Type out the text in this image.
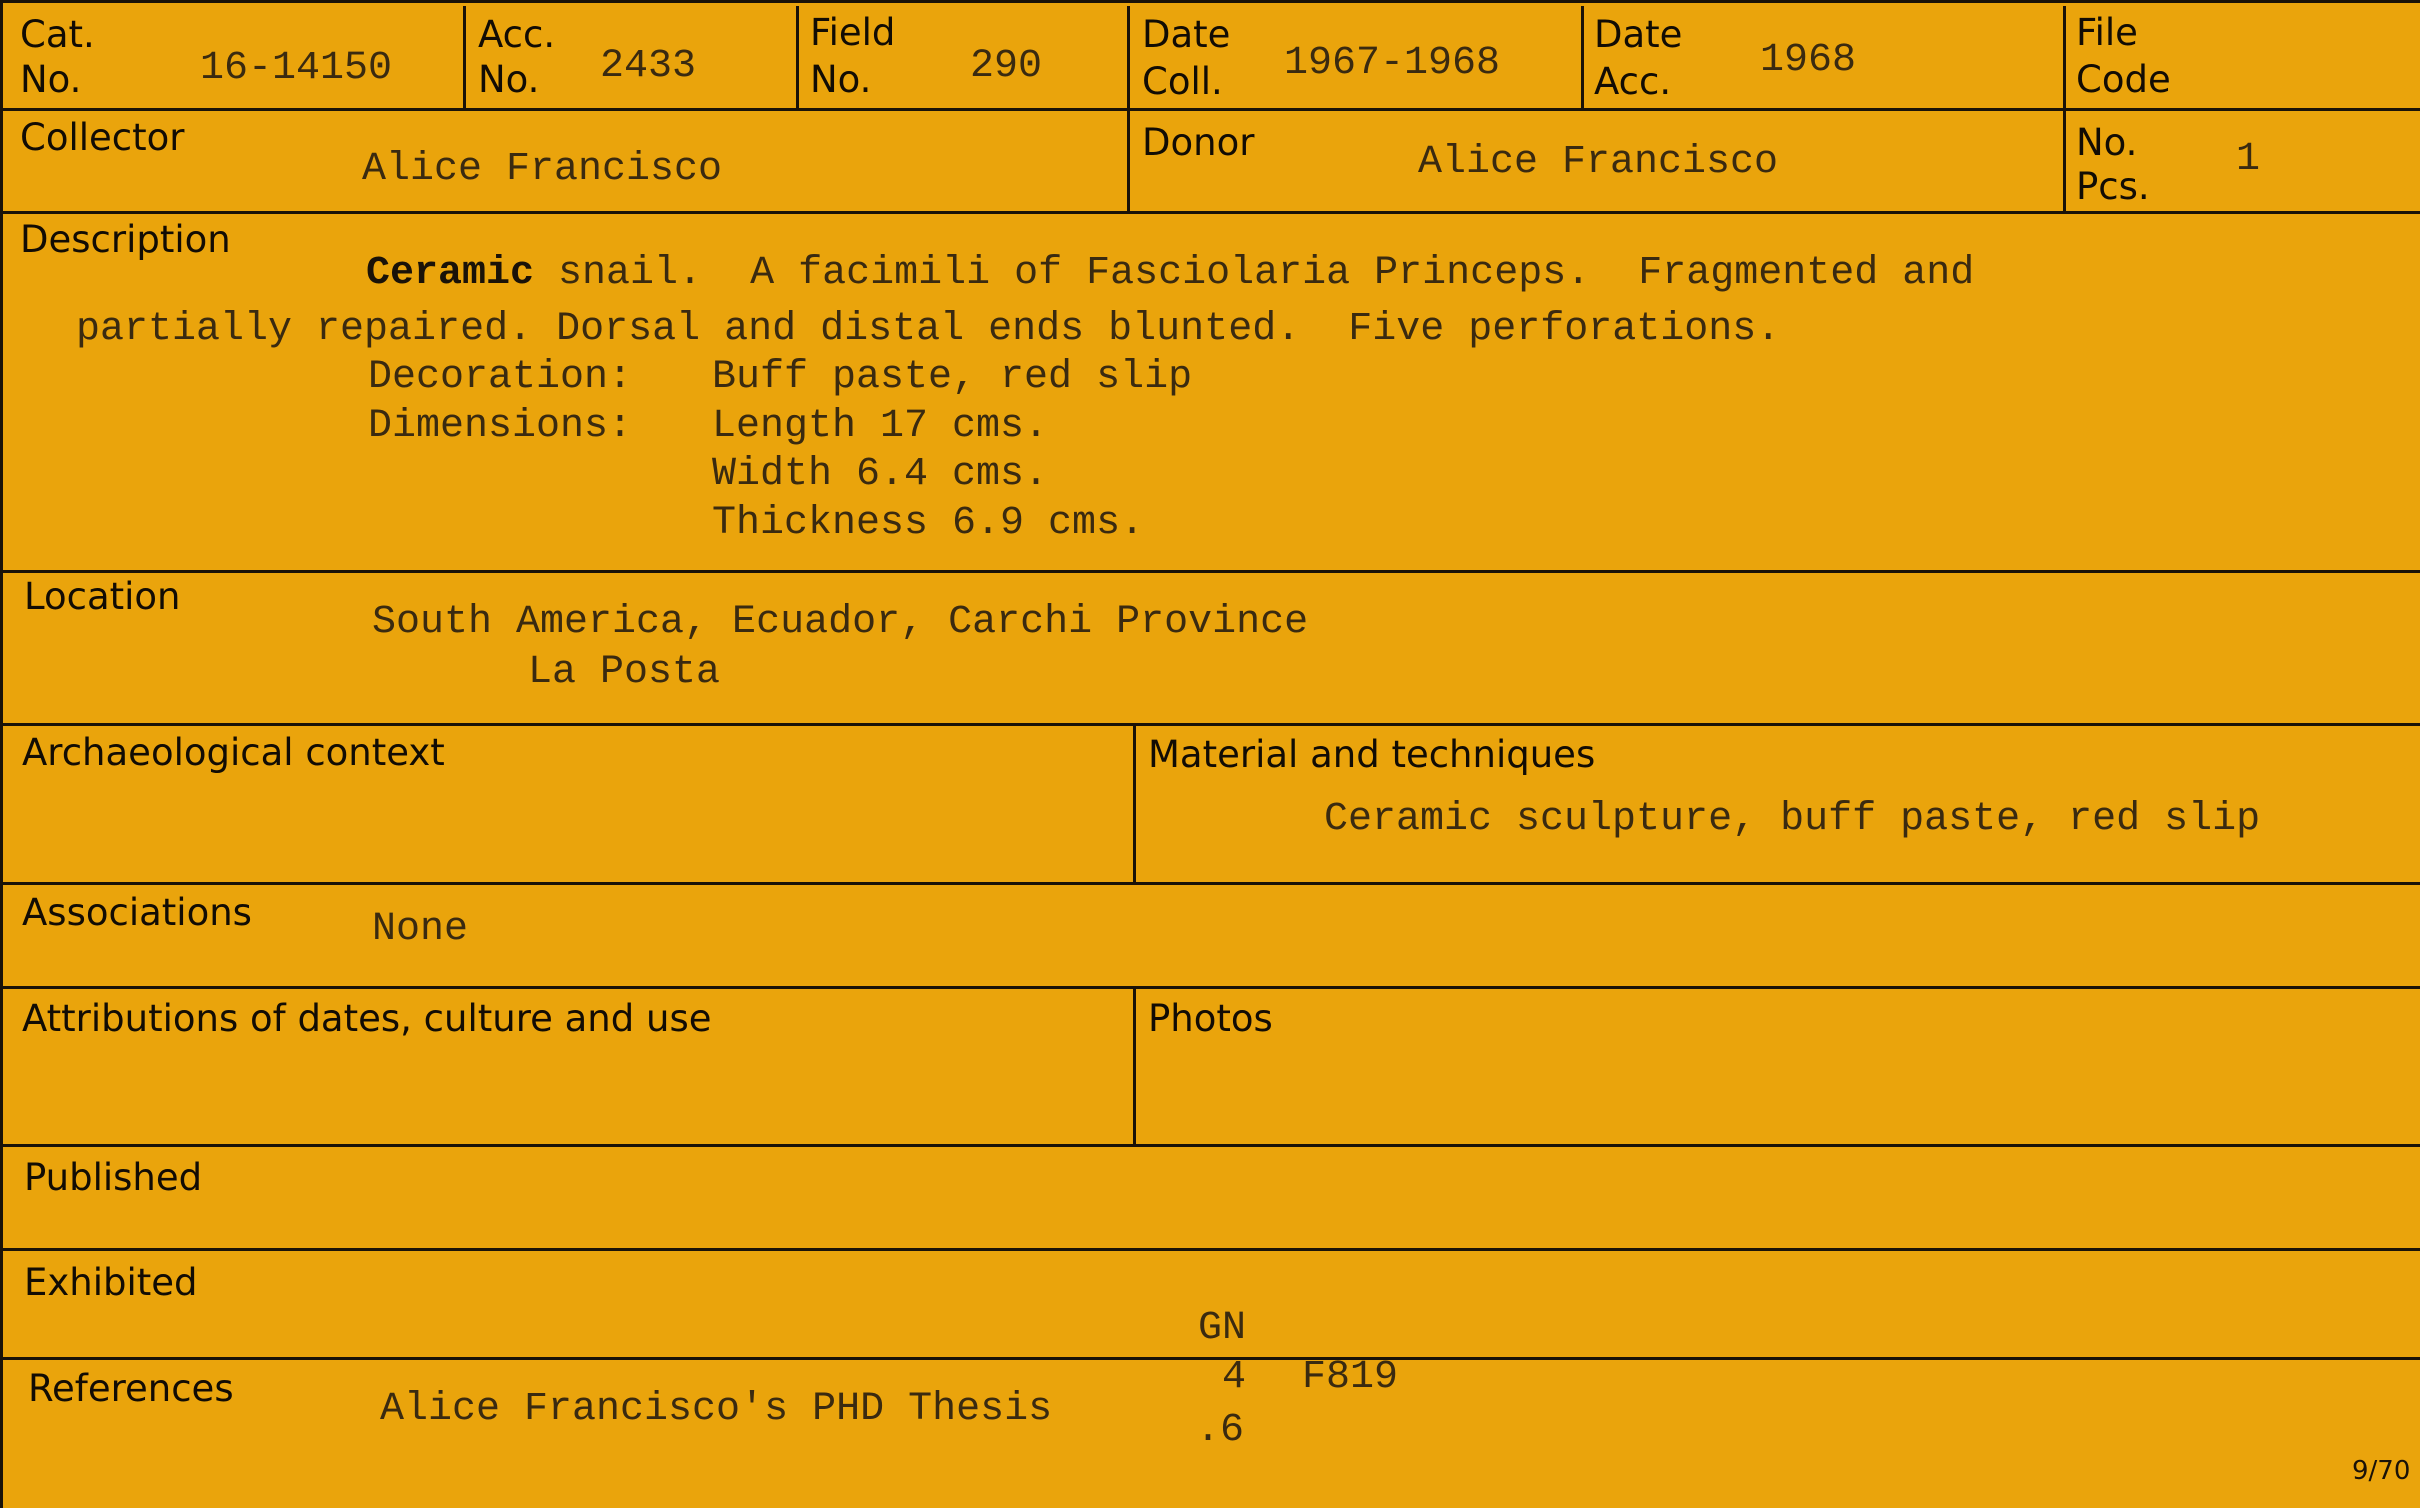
Cat.
No.	16-14150
Acc.
No. 2433
Field
No. 290
Date
Coll. 1967-1968
Date
Acc. 1968
File
Code
Collector
Alice Francisco
Donor	Alice Francisco	No.
Pcs.
1
Description
Ceramic snail.  A facimili of Fasciolaria Princeps.  Fragmented and
partially repaired. Dorsal and distal ends blunted.  Five perforations.
Decoration: Buff paste, red slip
Dimensions: Length 17 cms.
Width 6.4 cms.
Thickness 6.9 cms.
Location
South America, Ecuador, Carchi Province
La Posta
Archaeological context	Material and techniques
Ceramic sculpture, buff paste, red slip
Associations	None
Attributions of dates, culture and use	Photos
Published
Exhibited
References	Alice Francisco's PHD Thesis
GN
4 F819
.6
9/70
